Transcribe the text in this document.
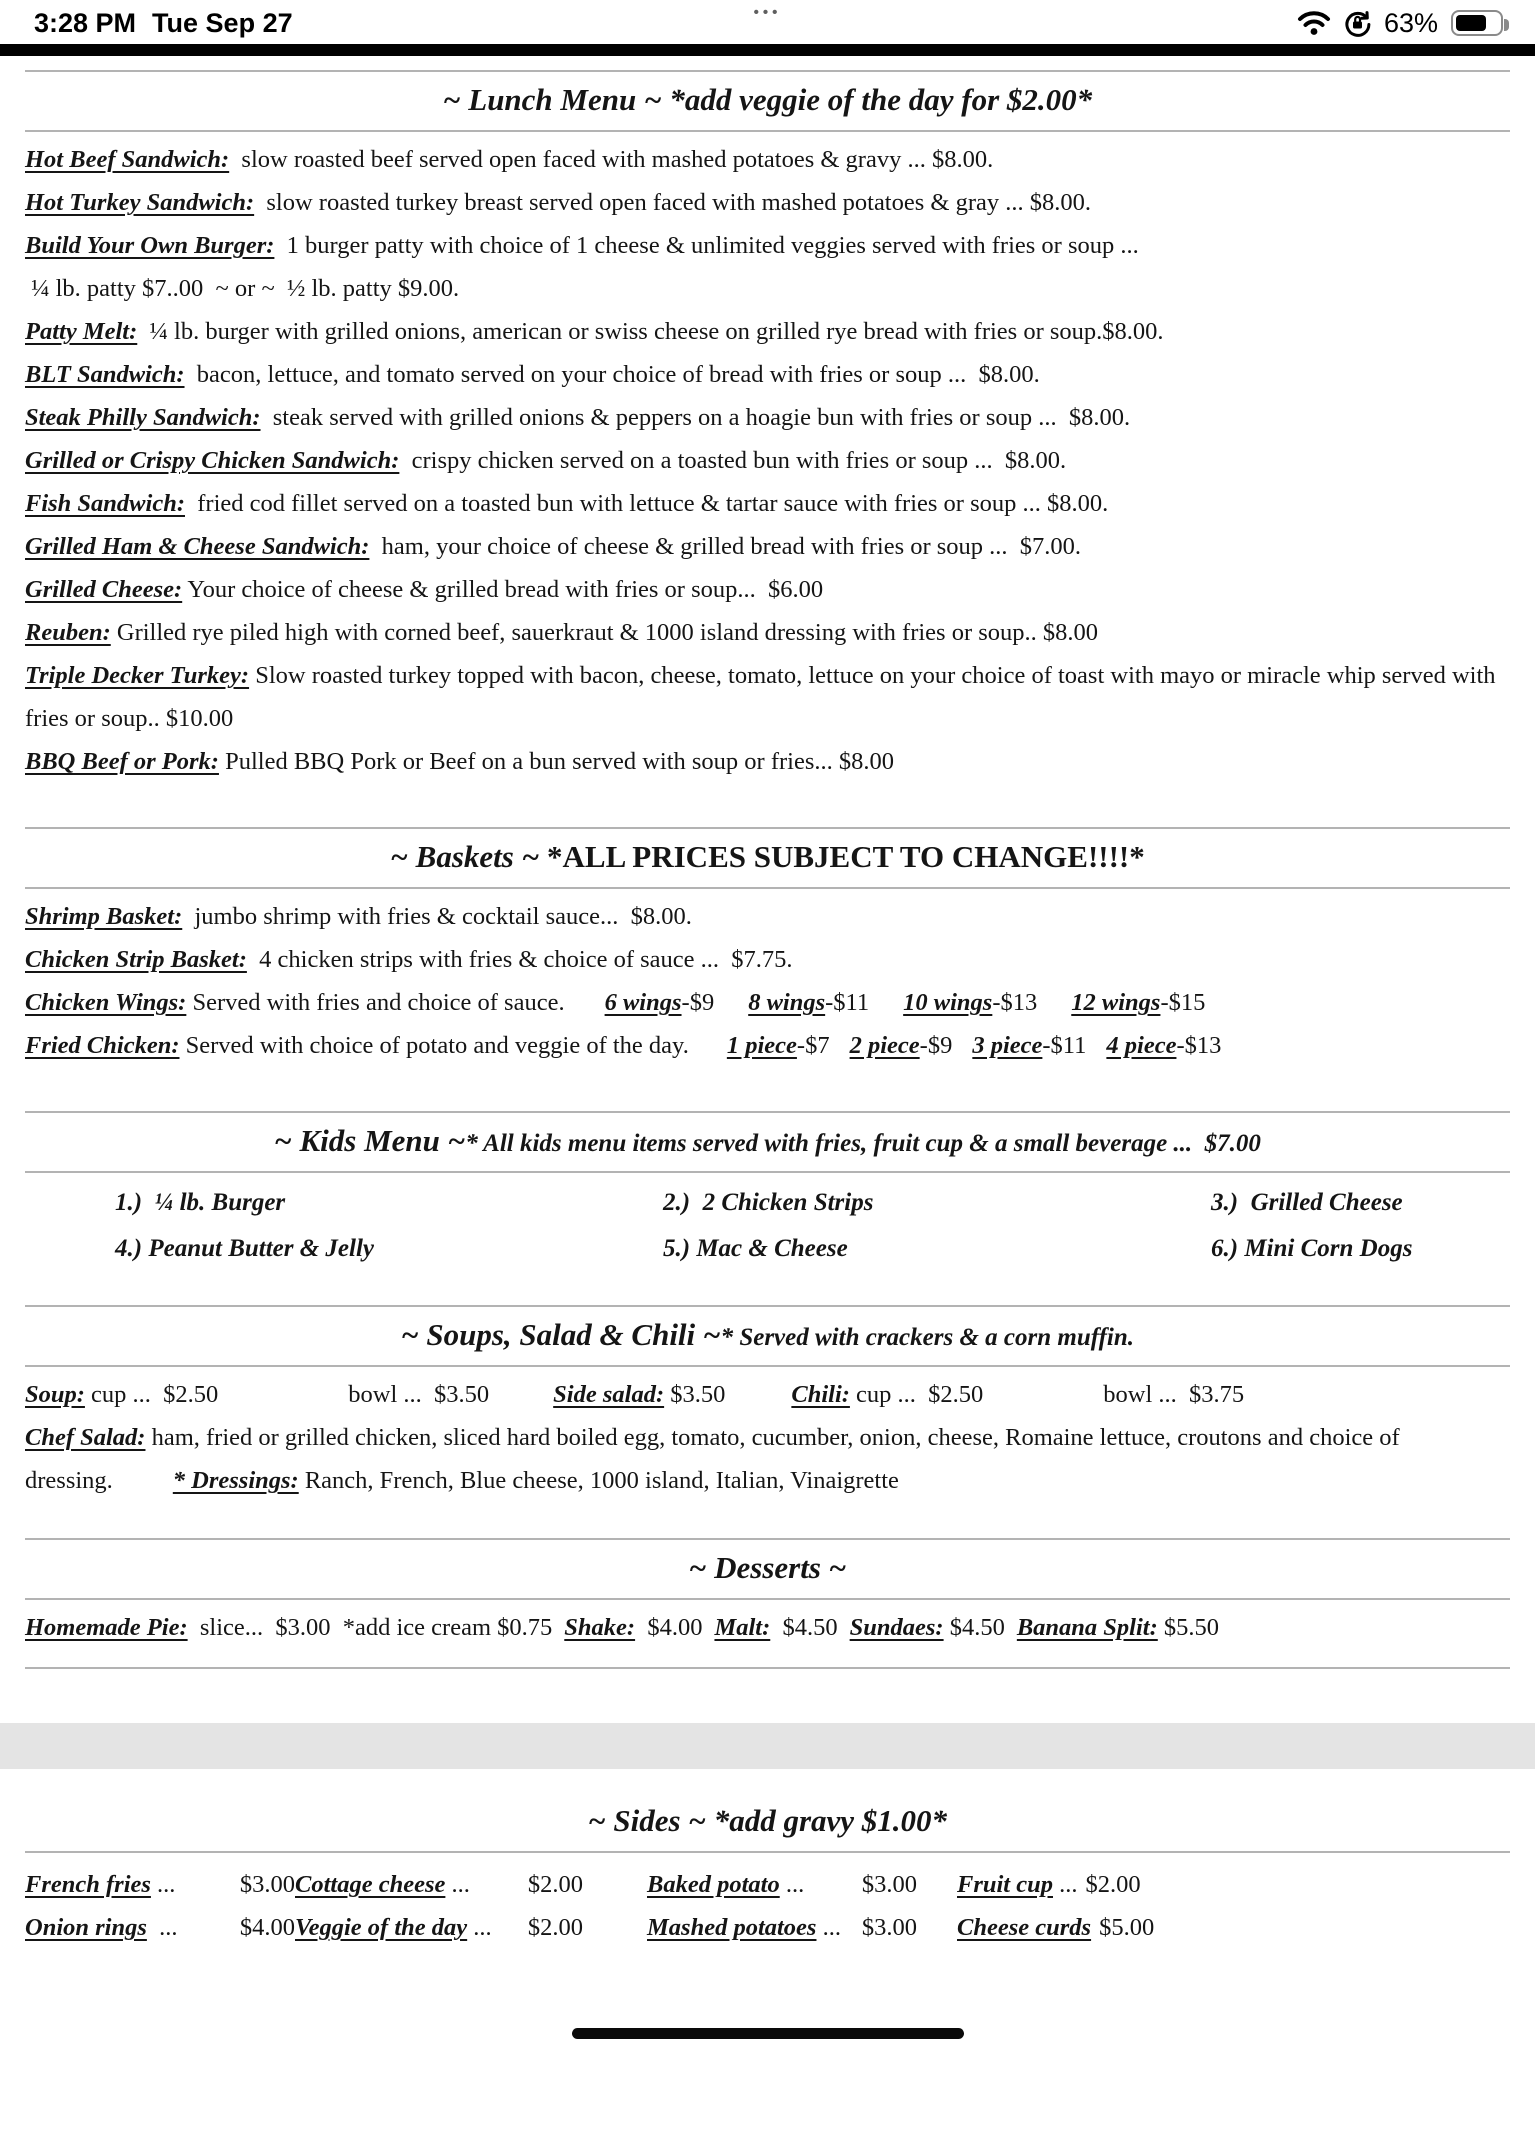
3:28 PM Tue Sep 27	•••	63%
~ Lunch Menu ~ *add veggie of the day for $2.00*

Hot Beef Sandwich:  slow roasted beef served open faced with mashed potatoes & gravy ... $8.00.

Hot Turkey Sandwich:  slow roasted turkey breast served open faced with mashed potatoes & gray ... $8.00.

Build Your Own Burger:  1 burger patty with choice of 1 cheese & unlimited veggies served with fries or soup ...

¼ lb. patty $7..00  ~ or ~  ½ lb. patty $9.00.

Patty Melt:  ¼ lb. burger with grilled onions, american or swiss cheese on grilled rye bread with fries or soup.$8.00.

BLT Sandwich:  bacon, lettuce, and tomato served on your choice of bread with fries or soup ...  $8.00.

Steak Philly Sandwich:  steak served with grilled onions & peppers on a hoagie bun with fries or soup ...  $8.00.

Grilled or Crispy Chicken Sandwich:  crispy chicken served on a toasted bun with fries or soup ...  $8.00.

Fish Sandwich:  fried cod fillet served on a toasted bun with lettuce & tartar sauce with fries or soup ... $8.00.

Grilled Ham & Cheese Sandwich:  ham, your choice of cheese & grilled bread with fries or soup ...  $7.00.

Grilled Cheese: Your choice of cheese & grilled bread with fries or soup...  $6.00

Reuben: Grilled rye piled high with corned beef, sauerkraut & 1000 island dressing with fries or soup.. $8.00

Triple Decker Turkey: Slow roasted turkey topped with bacon, cheese, tomato, lettuce on your choice of toast with mayo or miracle whip served with fries or soup.. $10.00

BBQ Beef or Pork: Pulled BBQ Pork or Beef on a bun served with soup or fries... $8.00

~ Baskets ~ *ALL PRICES SUBJECT TO CHANGE!!!!*

Shrimp Basket:  jumbo shrimp with fries & cocktail sauce...  $8.00.

Chicken Strip Basket:  4 chicken strips with fries & choice of sauce ...  $7.75.

Chicken Wings: Served with fries and choice of sauce. 6 wings-$9 8 wings-$11 10 wings-$13 12 wings-$15

Fried Chicken: Served with choice of potato and veggie of the day. 1 piece-$7 2 piece-$9 3 piece-$11 4 piece-$13

~ Kids Menu ~* All kids menu items served with fries, fruit cup & a small beverage ...  $7.00
1.)  ¼ lb. Burger	2.)  2 Chicken Strips	3.)  Grilled Cheese
4.) Peanut Butter & Jelly	5.) Mac & Cheese	6.) Mini Corn Dogs
~ Soups, Salad & Chili ~* Served with crackers & a corn muffin.

Soup: cup ...  $2.50	bowl ...  $3.50	Side salad: $3.50	Chili: cup ...  $2.50	bowl ...  $3.75

Chef Salad: ham, fried or grilled chicken, sliced hard boiled egg, tomato, cucumber, onion, cheese, Romaine lettuce, croutons and choice of dressing. * Dressings: Ranch, French, Blue cheese, 1000 island, Italian, Vinaigrette

~ Desserts ~

Homemade Pie:  slice...  $3.00  *add ice cream $0.75 Shake:  $4.00 Malt:  $4.50 Sundaes: $4.50 Banana Split: $5.50

~ Sides ~ *add gravy $1.00*
French fries ...	$3.00 Cottage cheese ... $2.00	Baked potato ... $3.00 Fruit cup ... $2.00
Onion rings  ...	$4.00 Veggie of the day ... $2.00	Mashed potatoes ... $3.00 Cheese curds $5.00
